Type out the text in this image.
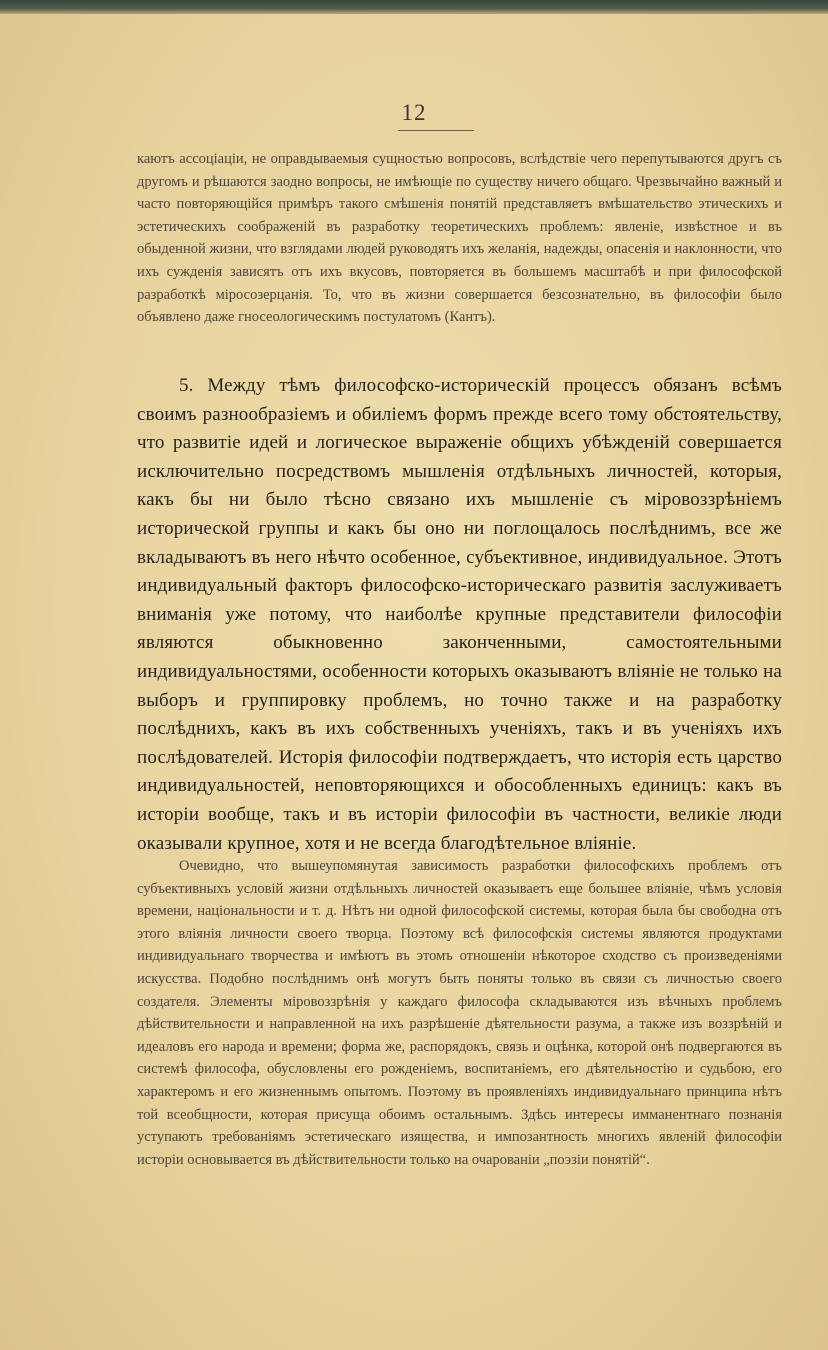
12

каютъ ассоціаціи, не оправдываемыя сущностью вопросовъ, вслѣдствіе чего перепутываются другъ съ другомъ и рѣшаются заодно вопросы, не имѣющіе по существу ничего общаго. Чрезвычайно важный и часто повторяющійся примѣръ такого смѣшенія понятій представляетъ вмѣшательство этическихъ и эстетическихъ соображеній въ разработку теоретическихъ проблемъ: явленіе, извѣстное и въ обыденной жизни, что взглядами людей руководятъ ихъ желанія, надежды, опасенія и наклонности, что ихъ сужденія зависятъ отъ ихъ вкусовъ, повторяется въ большемъ масштабѣ и при философской разработкѣ міросозерцанія. То, что въ жизни совершается безсознательно, въ философіи было объявлено даже гносеологическимъ постулатомъ (Кантъ).

5. Между тѣмъ философско-историческій процессъ обязанъ всѣмъ своимъ разнообразіемъ и обиліемъ формъ прежде всего тому обстоятельству, что развитіе идей и логическое выраженіе общихъ убѣжденій совершается исключительно посредствомъ мышленія отдѣльныхъ личностей, которыя, какъ бы ни было тѣсно связано ихъ мышленіе съ міровоззрѣніемъ исторической группы и какъ бы оно ни поглощалось послѣднимъ, все же вкладываютъ въ него нѣчто особенное, субъективное, индивидуальное. Этотъ индивидуальный факторъ философско-историческаго развитія заслуживаетъ вниманія уже потому, что наиболѣе крупные представители философіи являются обыкновенно законченными, самостоятельными индивидуальностями, особенности которыхъ оказываютъ вліяніе не только на выборъ и группировку проблемъ, но точно также и на разработку послѣднихъ, какъ въ ихъ собственныхъ ученіяхъ, такъ и въ ученіяхъ ихъ послѣдователей. Исторія философіи подтверждаетъ, что исторія есть царство индивидуальностей, неповторяющихся и обособленныхъ единицъ: какъ въ исторіи вообще, такъ и въ исторіи философіи въ частности, великіе люди оказывали крупное, хотя и не всегда благодѣтельное вліяніе.

Очевидно, что вышеупомянутая зависимость разработки философскихъ проблемъ отъ субъективныхъ условій жизни отдѣльныхъ личностей оказываетъ еще большее вліяніе, чѣмъ условія времени, національности и т. д. Нѣтъ ни одной философской системы, которая была бы свободна отъ этого вліянія личности своего творца. Поэтому всѣ философскія системы являются продуктами индивидуальнаго творчества и имѣютъ въ этомъ отношеніи нѣкоторое сходство съ произведеніями искусства. Подобно послѣднимъ онѣ могутъ быть поняты только въ связи съ личностью своего создателя. Элементы міровоззрѣнія у каждаго философа складываются изъ вѣчныхъ проблемъ дѣйствительности и направленной на ихъ разрѣшеніе дѣятельности разума, а также изъ воззрѣній и идеаловъ его народа и времени; форма же, распорядокъ, связь и оцѣнка, которой онѣ подвергаются въ системѣ философа, обусловлены его рожденіемъ, воспитаніемъ, его дѣятельностію и судьбою, его характеромъ и его жизненнымъ опытомъ. Поэтому въ проявленіяхъ индивидуальнаго принципа нѣтъ той всеобщности, которая присуща обоимъ остальнымъ. Здѣсь интересы имманентнаго познанія уступаютъ требованіямъ эстетическаго изящества, и импозантность многихъ явленій философіи исторіи основывается въ дѣйствительности только на очарованіи „поэзіи понятій“.
